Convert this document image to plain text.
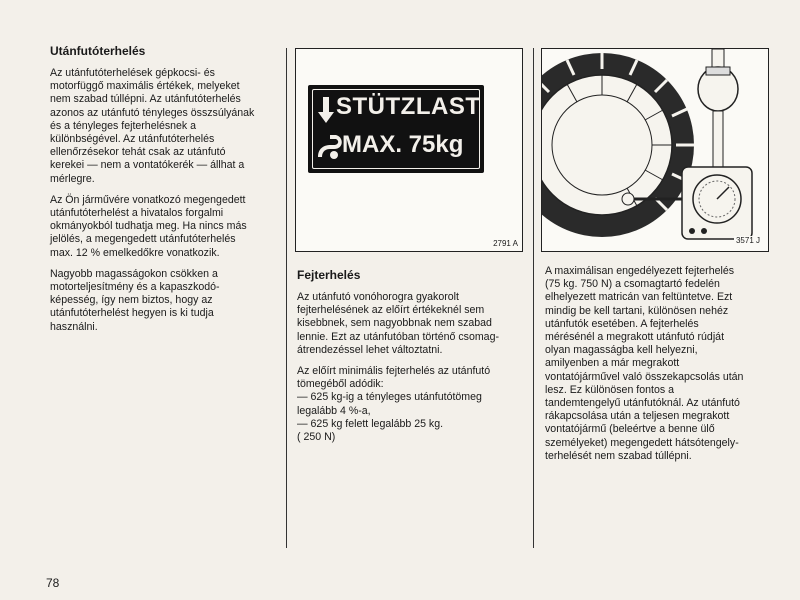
Utánfutóterhelés

Az utánfutóterhelések gépkocsi- és
motorfüggő maximális értékek, melyeket
nem szabad túllépni. Az utánfutóterhelés
azonos az utánfutó tényleges összsúlyának
és a tényleges fejterhelésnek a
különbségével. Az utánfutóterhelés
ellenőrzésekor tehát csak az utánfutó
kerekei — nem a vontatókerék — állhat a
mérlegre.

Az Ön járművére vonatkozó megengedett
utánfutóterhelést a hivatalos forgalmi
okmányokból tudhatja meg. Ha nincs más
jelölés, a megengedett utánfutóterhelés
max. 12 % emelkedőkre vonatkozik.

Nagyobb magasságokon csökken a
motorteljesítmény és a kapaszkodó-
képesség, így nem biztos, hogy az
utánfutóterhelést hegyen is ki tudja
használni.

STÜTZLAST
MAX. 75kg
2791 A	3571 J
Fejterhelés

Az utánfutó vonóhorogra gyakorolt
fejterhelésének az előírt értékeknél sem
kisebbnek, sem nagyobbnak nem szabad
lennie. Ezt az utánfutóban történő csomag-
átrendezéssel lehet változtatni.

Az előírt minimális fejterhelés az utánfutó
tömegéből adódik:
— 625 kg-ig a tényleges utánfutótömeg
legalább 4 %-a,
— 625 kg felett legalább 25 kg.
( 250 N)

A maximálisan engedélyezett fejterhelés
(75 kg. 750 N) a csomagtartó fedelén
elhelyezett matricán van feltüntetve. Ezt
mindig be kell tartani, különösen nehéz
utánfutók esetében. A fejterhelés
mérésénél a megrakott utánfutó rúdját
olyan magasságba kell helyezni,
amilyenben a már megrakott
vontatójárművel való összekapcsolás után
lesz. Ez különösen fontos a
tandemtengelyű utánfutóknál. Az utánfutó
rákapcsolása után a teljesen megrakott
vontatójármű (beleértve a benne ülő
személyeket) megengedett hátsótengely-
terhelését nem szabad túllépni.

78
